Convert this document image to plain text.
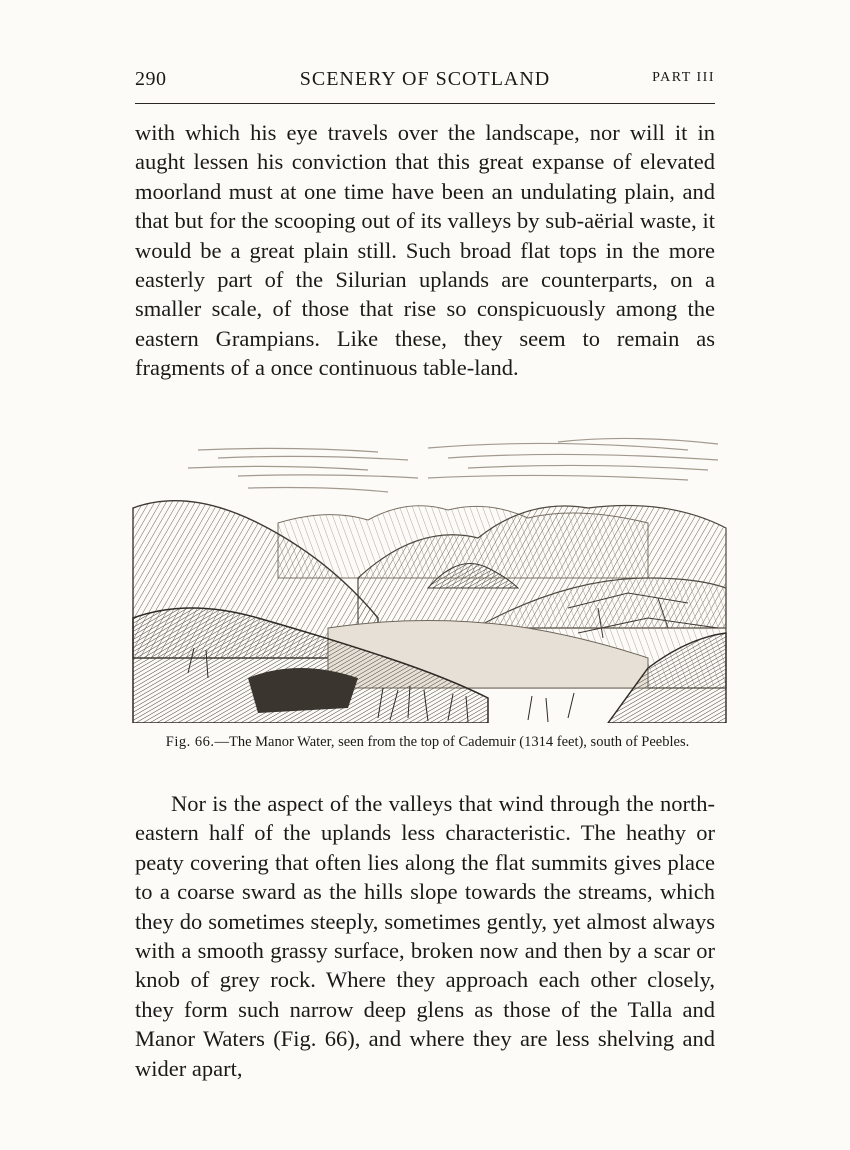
290	SCENERY OF SCOTLAND	PART III

with which his eye travels over the landscape, nor will it in aught lessen his conviction that this great expanse of elevated moorland must at one time have been an undulating plain, and that but for the scooping out of its valleys by sub-aërial waste, it would be a great plain still. Such broad flat tops in the more easterly part of the Silurian uplands are counterparts, on a smaller scale, of those that rise so conspicuously among the eastern Grampians. Like these, they seem to remain as fragments of a once continuous table-land.

Fig. 66.—The Manor Water, seen from the top of Cademuir (1314 feet), south of Peebles.

Nor is the aspect of the valleys that wind through the north-eastern half of the uplands less characteristic. The heathy or peaty covering that often lies along the flat summits gives place to a coarse sward as the hills slope towards the streams, which they do sometimes steeply, sometimes gently, yet almost always with a smooth grassy surface, broken now and then by a scar or knob of grey rock. Where they approach each other closely, they form such narrow deep glens as those of the Talla and Manor Waters (Fig. 66), and where they are less shelving and wider apart,
